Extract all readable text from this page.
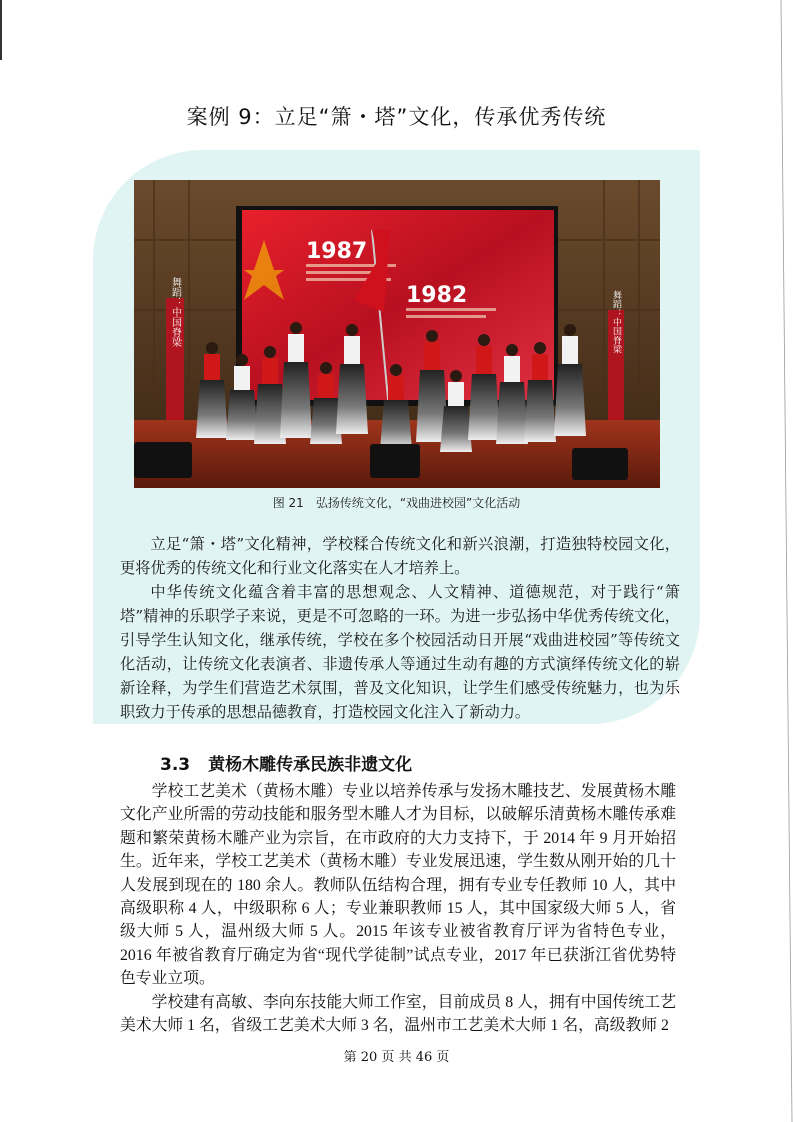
案例 9：立足“箫・塔”文化，传承优秀传统
1987
1982
舞蹈：中国脊梁	舞蹈：中国脊梁
图 21　弘扬传统文化，“戏曲进校园”文化活动

立足“箫・塔”文化精神，学校糅合传统文化和新兴浪潮，打造独特校园文化，更将优秀的传统文化和行业文化落实在人才培养上。

中华传统文化蕴含着丰富的思想观念、人文精神、道德规范，对于践行“箫塔”精神的乐职学子来说，更是不可忽略的一环。为进一步弘扬中华优秀传统文化，引导学生认知文化，继承传统，学校在多个校园活动日开展“戏曲进校园”等传统文化活动，让传统文化表演者、非遗传承人等通过生动有趣的方式演绎传统文化的崭新诠释，为学生们营造艺术氛围，普及文化知识，让学生们感受传统魅力，也为乐职致力于传承的思想品德教育，打造校园文化注入了新动力。

3.3 黄杨木雕传承民族非遗文化

学校工艺美术（黄杨木雕）专业以培养传承与发扬木雕技艺、发展黄杨木雕文化产业所需的劳动技能和服务型木雕人才为目标，以破解乐清黄杨木雕传承难题和繁荣黄杨木雕产业为宗旨，在市政府的大力支持下，于 2014 年 9 月开始招生。近年来，学校工艺美术（黄杨木雕）专业发展迅速，学生数从刚开始的几十人发展到现在的 180 余人。教师队伍结构合理，拥有专业专任教师 10 人，其中高级职称 4 人，中级职称 6 人；专业兼职教师 15 人，其中国家级大师 5 人，省级大师 5 人，温州级大师 5 人。2015 年该专业被省教育厅评为省特色专业，2016 年被省教育厅确定为省“现代学徒制”试点专业，2017 年已获浙江省优势特色专业立项。

学校建有高敏、李向东技能大师工作室，目前成员 8 人，拥有中国传统工艺美术大师 1 名，省级工艺美术大师 3 名，温州市工艺美术大师 1 名，高级教师 2

第 20 页 共 46 页
